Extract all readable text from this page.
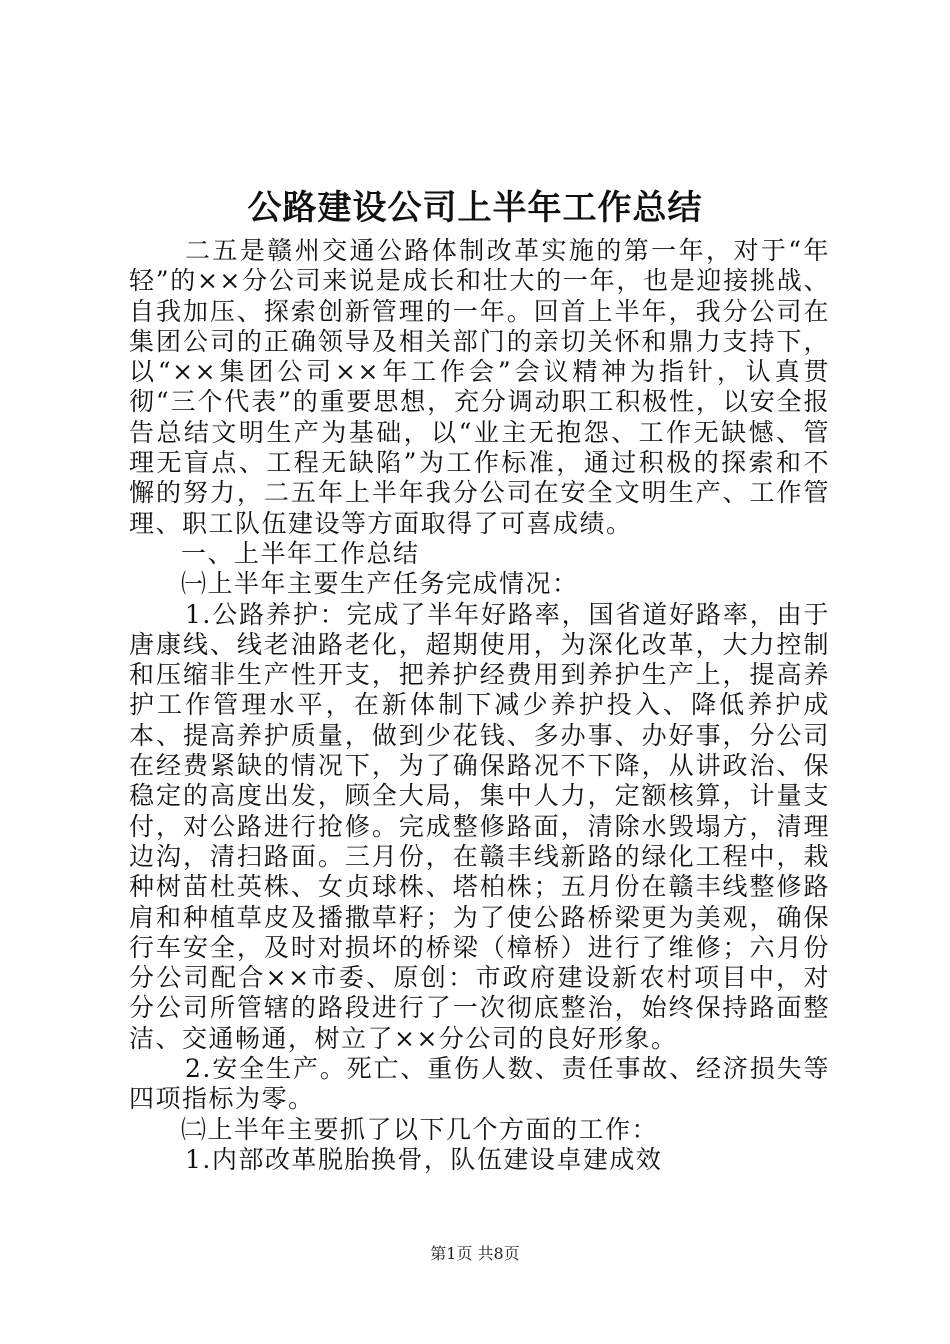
公路建设公司上半年工作总结

二五是赣州交通公路体制改革实施的第一年，对于“年轻”的××分公司来说是成长和壮大的一年，也是迎接挑战、自我加压、探索创新管理的一年。回首上半年，我分公司在集团公司的正确领导及相关部门的亲切关怀和鼎力支持下，以“××集团公司××年工作会”会议精神为指针，认真贯彻“三个代表”的重要思想，充分调动职工积极性，以安全报告总结文明生产为基础，以“业主无抱怨、工作无缺憾、管理无盲点、工程无缺陷”为工作标准，通过积极的探索和不懈的努力，二五年上半年我分公司在安全文明生产、工作管理、职工队伍建设等方面取得了可喜成绩。

一、上半年工作总结

㈠上半年主要生产任务完成情况：

1.公路养护：完成了半年好路率，国省道好路率，由于唐康线、线老油路老化，超期使用，为深化改革，大力控制和压缩非生产性开支，把养护经费用到养护生产上，提高养护工作管理水平，在新体制下减少养护投入、降低养护成本、提高养护质量，做到少花钱、多办事、办好事，分公司在经费紧缺的情况下，为了确保路况不下降，从讲政治、保稳定的高度出发，顾全大局，集中人力，定额核算，计量支付，对公路进行抢修。完成整修路面，清除水毁塌方，清理边沟，清扫路面。三月份，在赣丰线新路的绿化工程中，栽种树苗杜英株、女贞球株、塔柏株；五月份在赣丰线整修路肩和种植草皮及播撒草籽；为了使公路桥梁更为美观，确保行车安全，及时对损坏的桥梁（樟桥）进行了维修；六月份分公司配合××市委、原创：市政府建设新农村项目中，对分公司所管辖的路段进行了一次彻底整治，始终保持路面整洁、交通畅通，树立了××分公司的良好形象。

2.安全生产。死亡、重伤人数、责任事故、经济损失等四项指标为零。

㈡上半年主要抓了以下几个方面的工作：

1.内部改革脱胎换骨，队伍建设卓建成效

第1页 共8页
